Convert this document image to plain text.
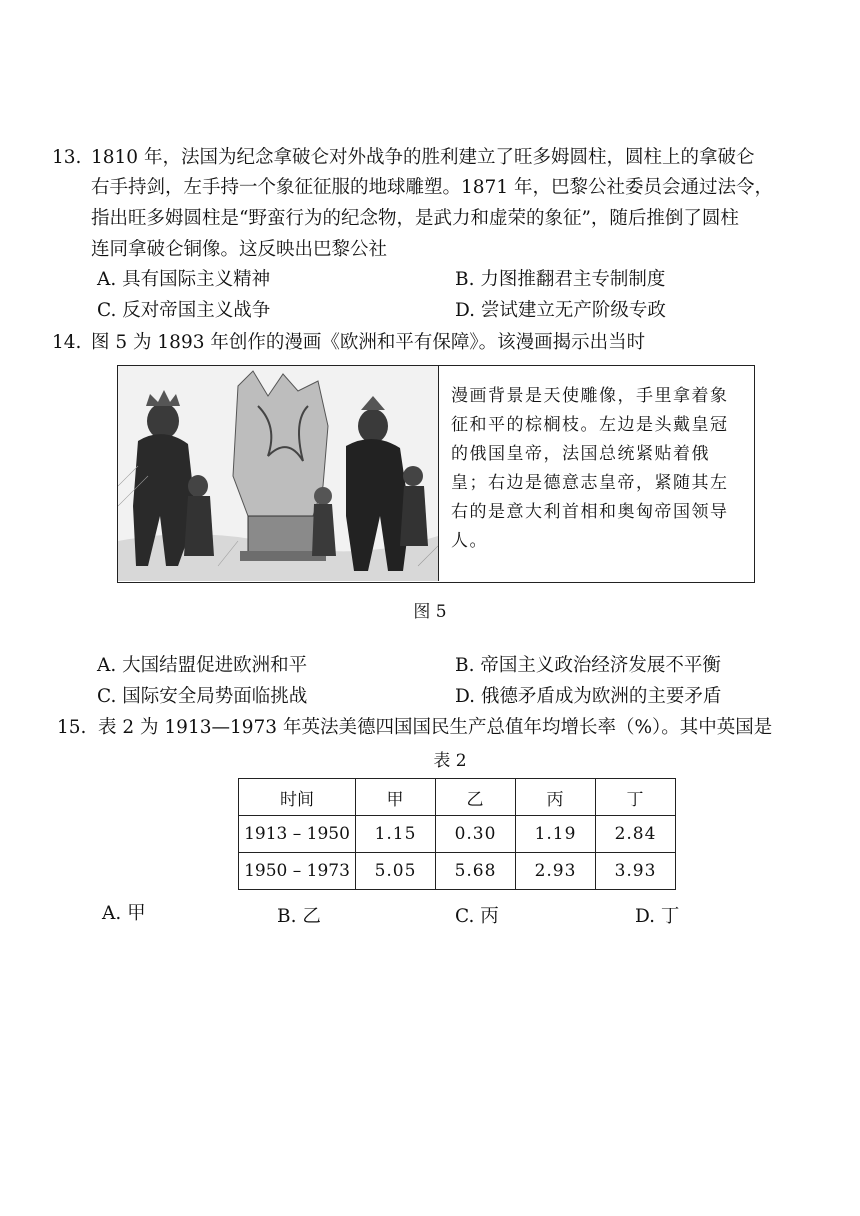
13. 1810 年，法国为纪念拿破仑对外战争的胜利建立了旺多姆圆柱，圆柱上的拿破仑
右手持剑，左手持一个象征征服的地球雕塑。1871 年，巴黎公社委员会通过法令，
指出旺多姆圆柱是“野蛮行为的纪念物，是武力和虚荣的象征”，随后推倒了圆柱
连同拿破仑铜像。这反映出巴黎公社
A. 具有国际主义精神	B. 力图推翻君主专制制度
C. 反对帝国主义战争	D. 尝试建立无产阶级专政
14. 图 5 为 1893 年创作的漫画《欧洲和平有保障》。该漫画揭示出当时
漫画背景是天使雕像，手里拿着象征和平的棕榈枝。左边是头戴皇冠的俄国皇帝，法国总统紧贴着俄皇；右边是德意志皇帝，紧随其左右的是意大利首相和奥匈帝国领导人。
图 5
A. 大国结盟促进欧洲和平	B. 帝国主义政治经济发展不平衡
C. 国际安全局势面临挑战	D. 俄德矛盾成为欧洲的主要矛盾
15. 表 2 为 1913—1973 年英法美德四国国民生产总值年均增长率（%）。其中英国是
表 2
时间	甲	乙	丙	丁
1913 – 1950	1.15	0.30	1.19	2.84
1950 – 1973	5.05	5.68	2.93	3.93
A. 甲	B. 乙	C. 丙	D. 丁
